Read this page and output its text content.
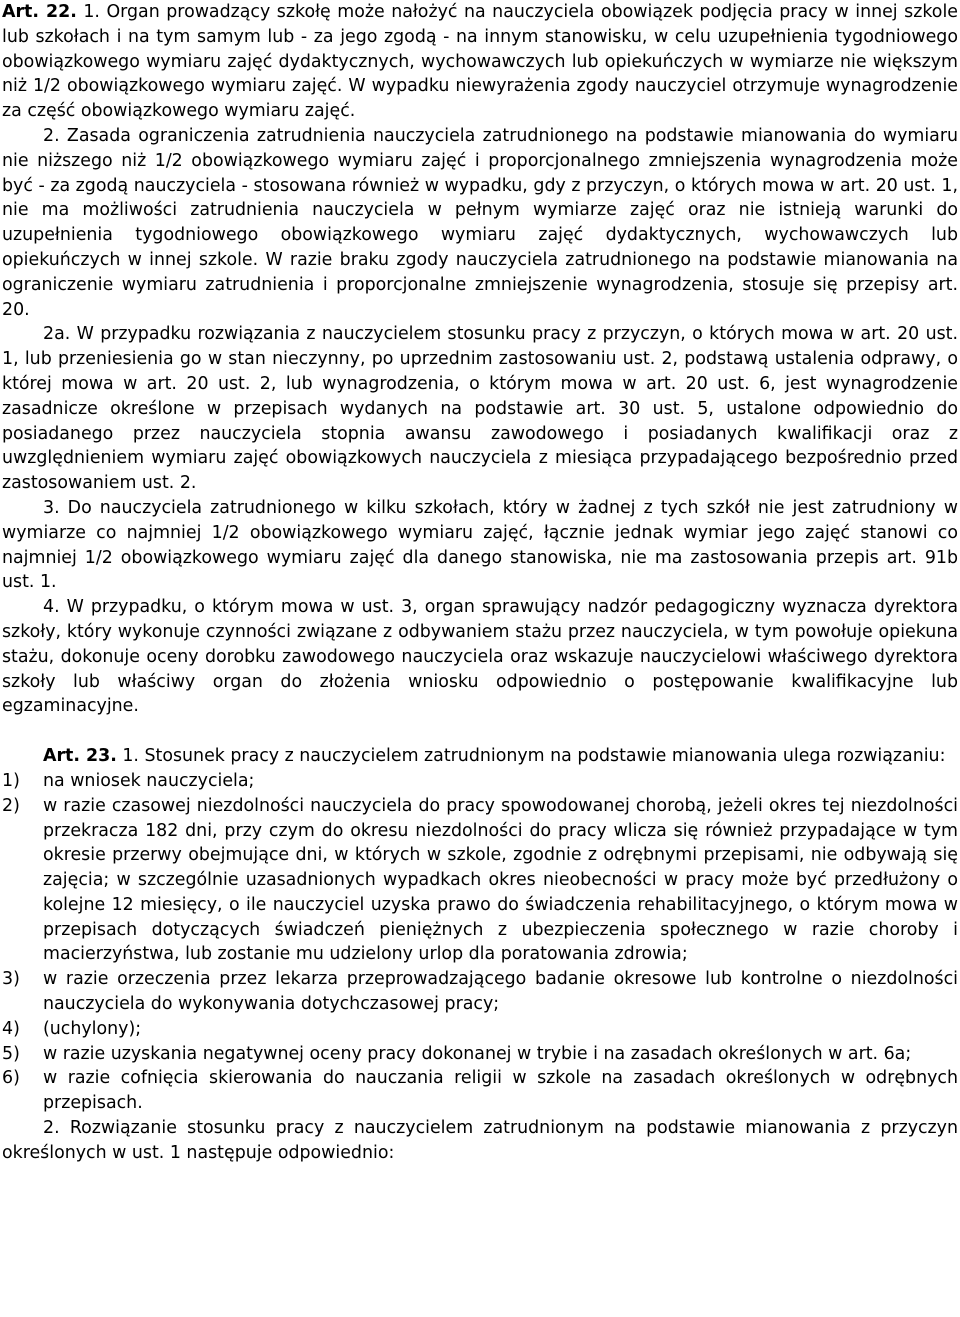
Art. 22. 1. Organ prowadzący szkołę może nałożyć na nauczyciela obowiązek podjęcia pracy w innej szkole lub szkołach i na tym samym lub - za jego zgodą - na innym stanowisku, w celu uzupełnienia tygodniowego obowiązkowego wymiaru zajęć dydaktycznych, wychowawczych lub opiekuńczych w wymiarze nie większym niż 1/2 obowiązkowego wymiaru zajęć. W wypadku niewyrażenia zgody nauczyciel otrzymuje wynagrodzenie za część obowiązkowego wymiaru zajęć.

2. Zasada ograniczenia zatrudnienia nauczyciela zatrudnionego na podstawie mianowania do wymiaru nie niższego niż 1/2 obowiązkowego wymiaru zajęć i proporcjonalnego zmniejszenia wynagrodzenia może być - za zgodą nauczyciela - stosowana również w wypadku, gdy z przyczyn, o których mowa w art. 20 ust. 1, nie ma możliwości zatrudnienia nauczyciela w pełnym wymiarze zajęć oraz nie istnieją warunki do uzupełnienia tygodniowego obowiązkowego wymiaru zajęć dydaktycznych, wychowawczych lub opiekuńczych w innej szkole. W razie braku zgody nauczyciela zatrudnionego na podstawie mianowania na ograniczenie wymiaru zatrudnienia i proporcjonalne zmniejszenie wynagrodzenia, stosuje się przepisy art. 20.

2a. W przypadku rozwiązania z nauczycielem stosunku pracy z przyczyn, o których mowa w art. 20 ust. 1, lub przeniesienia go w stan nieczynny, po uprzednim zastosowaniu ust. 2, podstawą ustalenia odprawy, o której mowa w art. 20 ust. 2, lub wynagrodzenia, o którym mowa w art. 20 ust. 6, jest wynagrodzenie zasadnicze określone w przepisach wydanych na podstawie art. 30 ust. 5, ustalone odpowiednio do posiadanego przez nauczyciela stopnia awansu zawodowego i posiadanych kwalifikacji oraz z uwzględnieniem wymiaru zajęć obowiązkowych nauczyciela z miesiąca przypadającego bezpośrednio przed zastosowaniem ust. 2.

3. Do nauczyciela zatrudnionego w kilku szkołach, który w żadnej z tych szkół nie jest zatrudniony w wymiarze co najmniej 1/2 obowiązkowego wymiaru zajęć, łącznie jednak wymiar jego zajęć stanowi co najmniej 1/2 obowiązkowego wymiaru zajęć dla danego stanowiska, nie ma zastosowania przepis art. 91b ust. 1.

4. W przypadku, o którym mowa w ust. 3, organ sprawujący nadzór pedagogiczny wyznacza dyrektora szkoły, który wykonuje czynności związane z odbywaniem stażu przez nauczyciela, w tym powołuje opiekuna stażu, dokonuje oceny dorobku zawodowego nauczyciela oraz wskazuje nauczycielowi właściwego dyrektora szkoły lub właściwy organ do złożenia wniosku odpowiednio o postępowanie kwalifikacyjne lub egzaminacyjne.

Art. 23. 1. Stosunek pracy z nauczycielem zatrudnionym na podstawie mianowania ulega rozwiązaniu:

1) na wniosek nauczyciela;
2) w razie czasowej niezdolności nauczyciela do pracy spowodowanej chorobą, jeżeli okres tej niezdolności przekracza 182 dni, przy czym do okresu niezdolności do pracy wlicza się również przypadające w tym okresie przerwy obejmujące dni, w których w szkole, zgodnie z odrębnymi przepisami, nie odbywają się zajęcia; w szczególnie uzasadnionych wypadkach okres nieobecności w pracy może być przedłużony o kolejne 12 miesięcy, o ile nauczyciel uzyska prawo do świadczenia rehabilitacyjnego, o którym mowa w przepisach dotyczących świadczeń pieniężnych z ubezpieczenia społecznego w razie choroby i macierzyństwa, lub zostanie mu udzielony urlop dla poratowania zdrowia;
3) w razie orzeczenia przez lekarza przeprowadzającego badanie okresowe lub kontrolne o niezdolności nauczyciela do wykonywania dotychczasowej pracy;
4) (uchylony);
5) w razie uzyskania negatywnej oceny pracy dokonanej w trybie i na zasadach określonych w art. 6a;
6) w razie cofnięcia skierowania do nauczania religii w szkole na zasadach określonych w odrębnych przepisach.

2. Rozwiązanie stosunku pracy z nauczycielem zatrudnionym na podstawie mianowania z przyczyn określonych w ust. 1 następuje odpowiednio:
